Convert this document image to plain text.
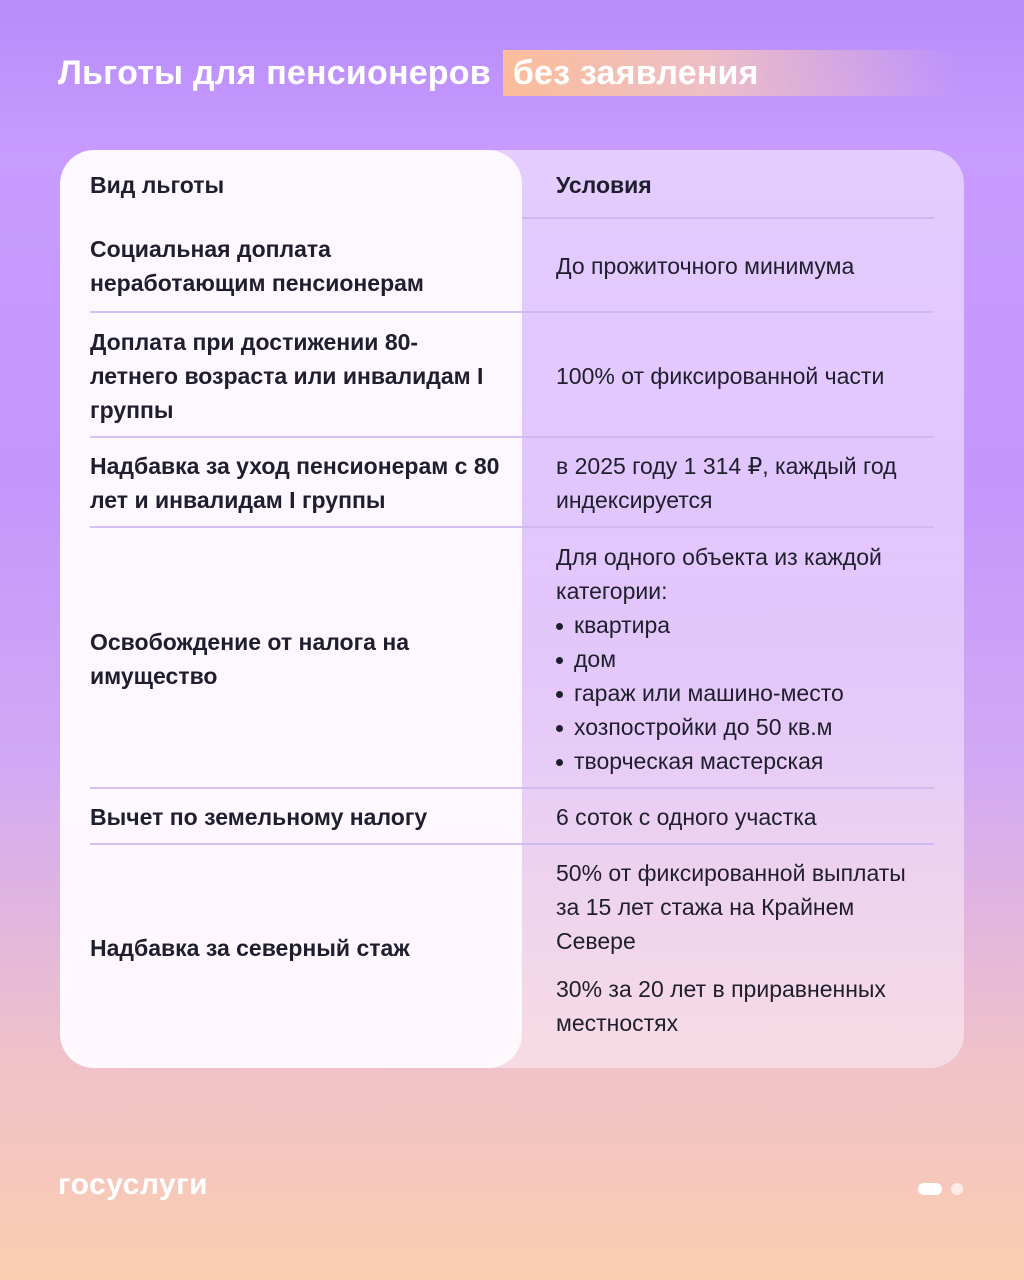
Льготы для пенсионеров без заявления
Вид льготы	Условия
Социальная доплата неработающим пенсионерам
До прожиточного минимума
Доплата при достижении 80-летнего возраста или инвалидам I группы
100% от фиксированной части
Надбавка за уход пенсионерам с 80 лет и инвалидам I группы
в 2025 году 1 314 ₽, каждый год индексируется
Освобождение от налога на имущество
Для одного объекта из каждой категории:
квартира
дом
гараж или машино-место
хозпостройки до 50 кв.м
творческая мастерская
Вычет по земельному налогу	6 соток с одного участка
Надбавка за северный стаж
50% от фиксированной выплаты за 15 лет стажа на Крайнем Севере
30% за 20 лет в приравненных местностях
госуслуги
